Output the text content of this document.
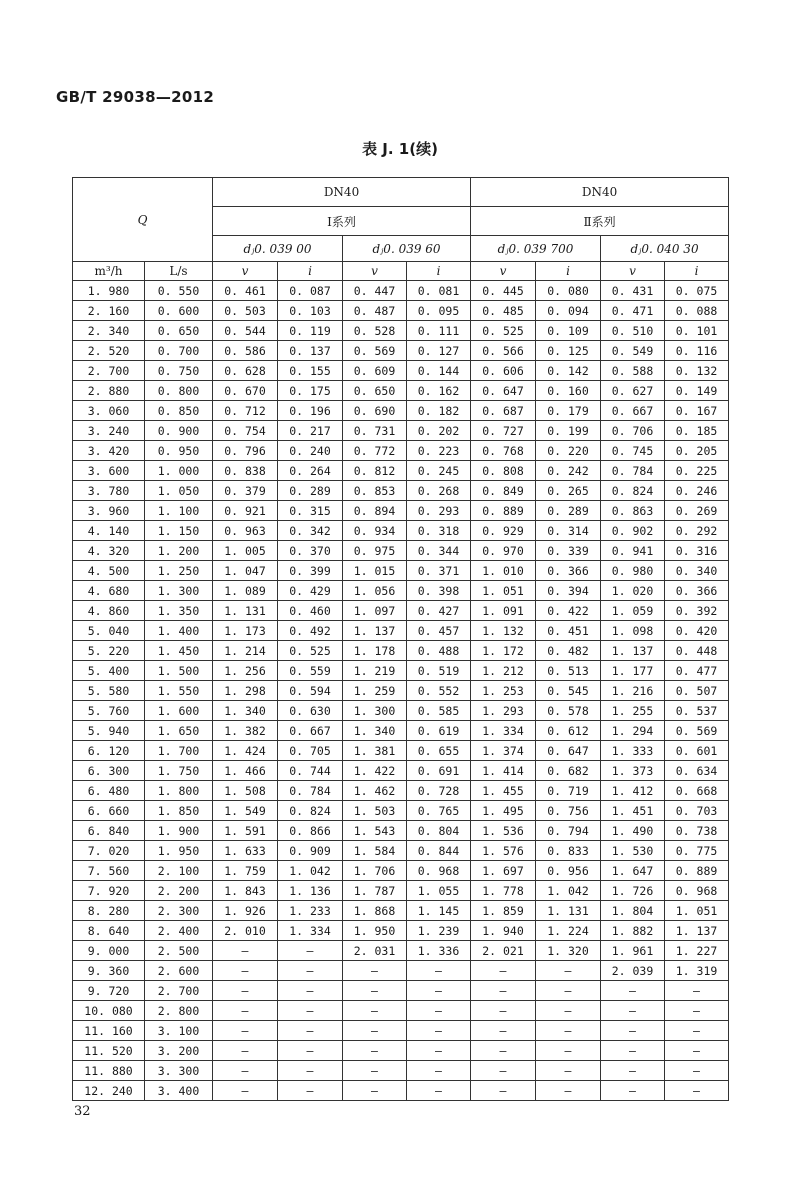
GB/T 29038—2012
表 J. 1(续)
Q		DN40				DN40			
		Ⅰ系列				Ⅱ系列			
		dⱼ0. 039 00		dⱼ0. 039 60		dⱼ0. 039 700		dⱼ0. 040 30	
m³/h	L/s	v	i	v	i	v	i	v	i
1. 980	0. 550	0. 461	0. 087	0. 447	0. 081	0. 445	0. 080	0. 431	0. 075
2. 160	0. 600	0. 503	0. 103	0. 487	0. 095	0. 485	0. 094	0. 471	0. 088
2. 340	0. 650	0. 544	0. 119	0. 528	0. 111	0. 525	0. 109	0. 510	0. 101
2. 520	0. 700	0. 586	0. 137	0. 569	0. 127	0. 566	0. 125	0. 549	0. 116
2. 700	0. 750	0. 628	0. 155	0. 609	0. 144	0. 606	0. 142	0. 588	0. 132
2. 880	0. 800	0. 670	0. 175	0. 650	0. 162	0. 647	0. 160	0. 627	0. 149
3. 060	0. 850	0. 712	0. 196	0. 690	0. 182	0. 687	0. 179	0. 667	0. 167
3. 240	0. 900	0. 754	0. 217	0. 731	0. 202	0. 727	0. 199	0. 706	0. 185
3. 420	0. 950	0. 796	0. 240	0. 772	0. 223	0. 768	0. 220	0. 745	0. 205
3. 600	1. 000	0. 838	0. 264	0. 812	0. 245	0. 808	0. 242	0. 784	0. 225
3. 780	1. 050	0. 379	0. 289	0. 853	0. 268	0. 849	0. 265	0. 824	0. 246
3. 960	1. 100	0. 921	0. 315	0. 894	0. 293	0. 889	0. 289	0. 863	0. 269
4. 140	1. 150	0. 963	0. 342	0. 934	0. 318	0. 929	0. 314	0. 902	0. 292
4. 320	1. 200	1. 005	0. 370	0. 975	0. 344	0. 970	0. 339	0. 941	0. 316
4. 500	1. 250	1. 047	0. 399	1. 015	0. 371	1. 010	0. 366	0. 980	0. 340
4. 680	1. 300	1. 089	0. 429	1. 056	0. 398	1. 051	0. 394	1. 020	0. 366
4. 860	1. 350	1. 131	0. 460	1. 097	0. 427	1. 091	0. 422	1. 059	0. 392
5. 040	1. 400	1. 173	0. 492	1. 137	0. 457	1. 132	0. 451	1. 098	0. 420
5. 220	1. 450	1. 214	0. 525	1. 178	0. 488	1. 172	0. 482	1. 137	0. 448
5. 400	1. 500	1. 256	0. 559	1. 219	0. 519	1. 212	0. 513	1. 177	0. 477
5. 580	1. 550	1. 298	0. 594	1. 259	0. 552	1. 253	0. 545	1. 216	0. 507
5. 760	1. 600	1. 340	0. 630	1. 300	0. 585	1. 293	0. 578	1. 255	0. 537
5. 940	1. 650	1. 382	0. 667	1. 340	0. 619	1. 334	0. 612	1. 294	0. 569
6. 120	1. 700	1. 424	0. 705	1. 381	0. 655	1. 374	0. 647	1. 333	0. 601
6. 300	1. 750	1. 466	0. 744	1. 422	0. 691	1. 414	0. 682	1. 373	0. 634
6. 480	1. 800	1. 508	0. 784	1. 462	0. 728	1. 455	0. 719	1. 412	0. 668
6. 660	1. 850	1. 549	0. 824	1. 503	0. 765	1. 495	0. 756	1. 451	0. 703
6. 840	1. 900	1. 591	0. 866	1. 543	0. 804	1. 536	0. 794	1. 490	0. 738
7. 020	1. 950	1. 633	0. 909	1. 584	0. 844	1. 576	0. 833	1. 530	0. 775
7. 560	2. 100	1. 759	1. 042	1. 706	0. 968	1. 697	0. 956	1. 647	0. 889
7. 920	2. 200	1. 843	1. 136	1. 787	1. 055	1. 778	1. 042	1. 726	0. 968
8. 280	2. 300	1. 926	1. 233	1. 868	1. 145	1. 859	1. 131	1. 804	1. 051
8. 640	2. 400	2. 010	1. 334	1. 950	1. 239	1. 940	1. 224	1. 882	1. 137
9. 000	2. 500	—	—	2. 031	1. 336	2. 021	1. 320	1. 961	1. 227
9. 360	2. 600	—	—	—	—	—	—	2. 039	1. 319
9. 720	2. 700	—	—	—	—	—	—	—	—
10. 080	2. 800	—	—	—	—	—	—	—	—
11. 160	3. 100	—	—	—	—	—	—	—	—
11. 520	3. 200	—	—	—	—	—	—	—	—
11. 880	3. 300	—	—	—	—	—	—	—	—
12. 240	3. 400	—	—	—	—	—	—	—	—
32
